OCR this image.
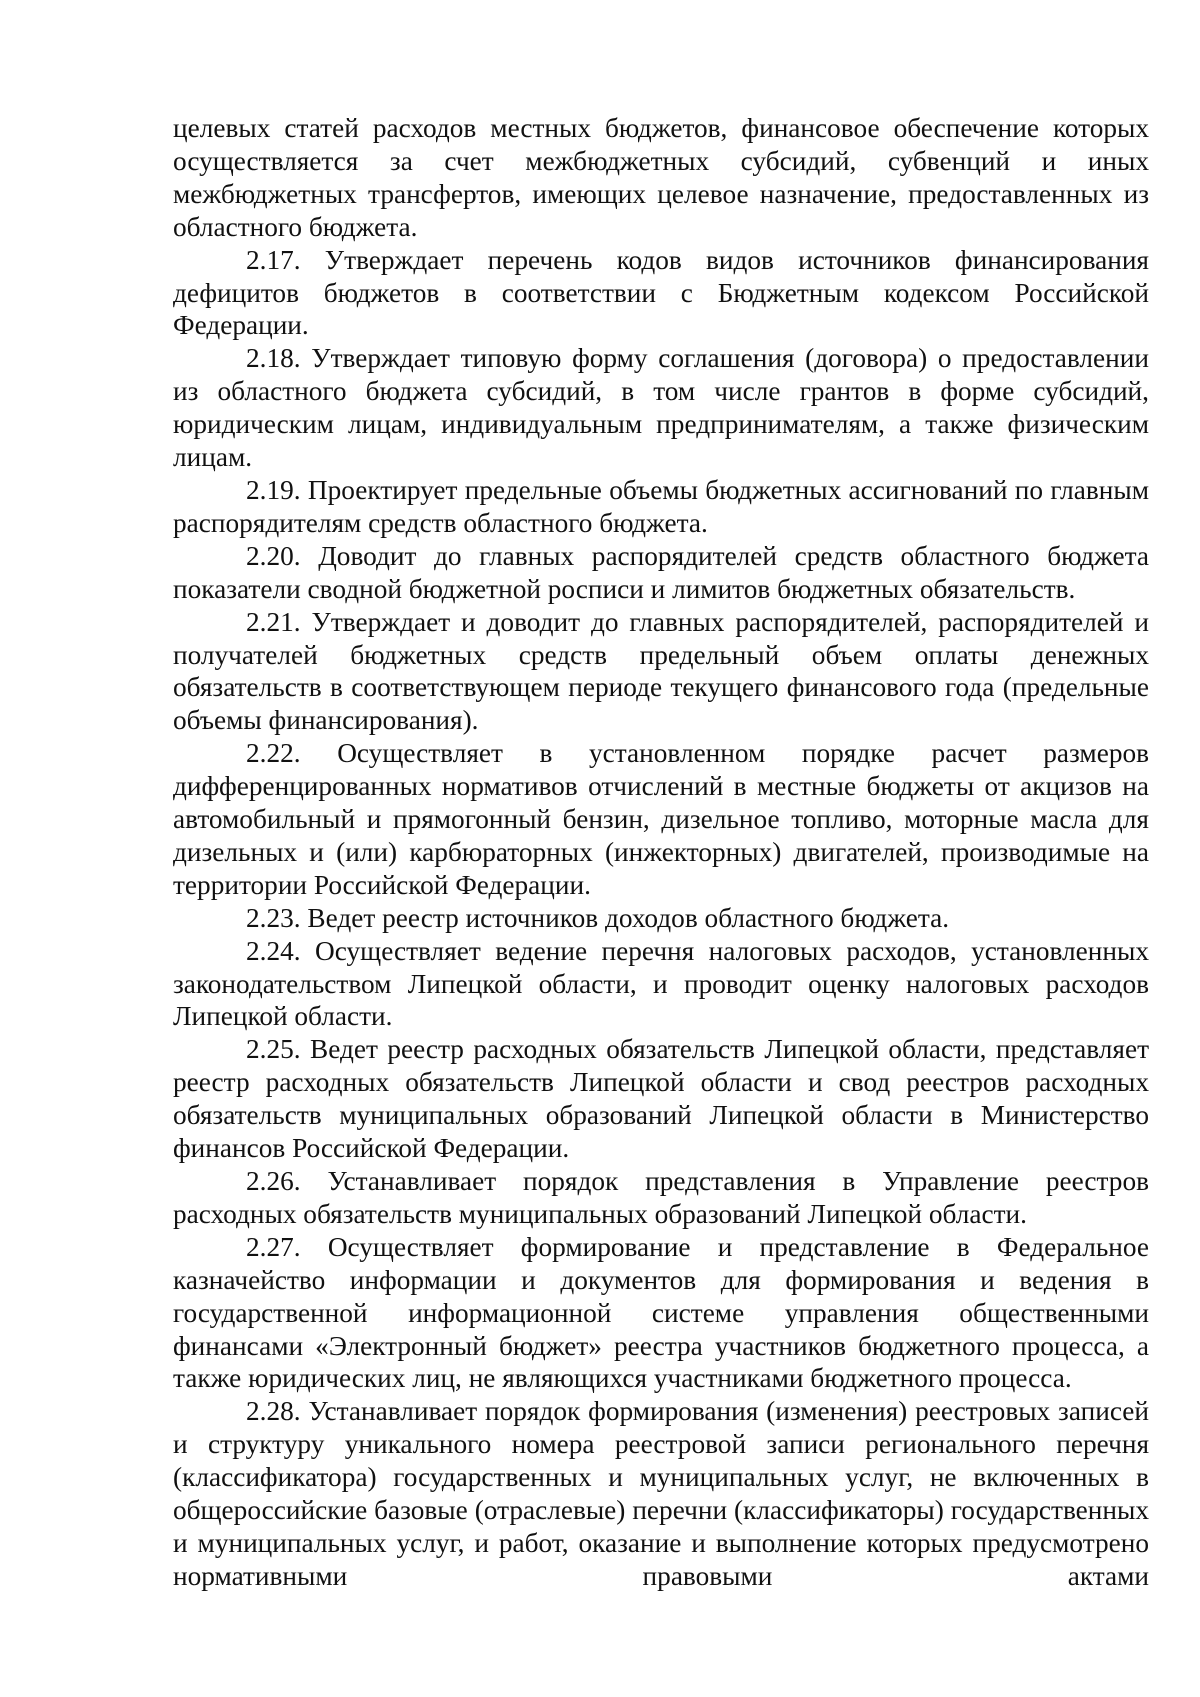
целевых статей расходов местных бюджетов, финансовое обеспечение которых осуществляется за счет межбюджетных субсидий, субвенций и иных межбюджетных трансфертов, имеющих целевое назначение, предоставленных из областного бюджета.

2.17. Утверждает перечень кодов видов источников финансирования дефицитов бюджетов в соответствии с Бюджетным кодексом Российской Федерации.

2.18. Утверждает типовую форму соглашения (договора) о предоставлении из областного бюджета субсидий, в том числе грантов в форме субсидий, юридическим лицам, индивидуальным предпринимателям, а также физическим лицам.

2.19. Проектирует предельные объемы бюджетных ассигнований по главным распорядителям средств областного бюджета.

2.20. Доводит до главных распорядителей средств областного бюджета показатели сводной бюджетной росписи и лимитов бюджетных обязательств.

2.21. Утверждает и доводит до главных распорядителей, распорядителей и получателей бюджетных средств предельный объем оплаты денежных обязательств в соответствующем периоде текущего финансового года (предельные объемы финансирования).

2.22. Осуществляет в установленном порядке расчет размеров дифференцированных нормативов отчислений в местные бюджеты от акцизов на автомобильный и прямогонный бензин, дизельное топливо, моторные масла для дизельных и (или) карбюраторных (инжекторных) двигателей, производимые на территории Российской Федерации.

2.23. Ведет реестр источников доходов областного бюджета.

2.24. Осуществляет ведение перечня налоговых расходов, установленных законодательством Липецкой области, и проводит оценку налоговых расходов Липецкой области.

2.25. Ведет реестр расходных обязательств Липецкой области, представляет реестр расходных обязательств Липецкой области и свод реестров расходных обязательств муниципальных образований Липецкой области в Министерство финансов Российской Федерации.

2.26. Устанавливает порядок представления в Управление реестров расходных обязательств муниципальных образований Липецкой области.

2.27. Осуществляет формирование и представление в Федеральное казначейство информации и документов для формирования и ведения в государственной информационной системе управления общественными финансами «Электронный бюджет» реестра участников бюджетного процесса, а также юридических лиц, не являющихся участниками бюджетного процесса.

2.28. Устанавливает порядок формирования (изменения) реестровых записей и структуру уникального номера реестровой записи регионального перечня (классификатора) государственных и муниципальных услуг, не включенных в общероссийские базовые (отраслевые) перечни (классификаторы) государственных и муниципальных услуг, и работ, оказание и выполнение которых предусмотрено нормативными правовыми актами
